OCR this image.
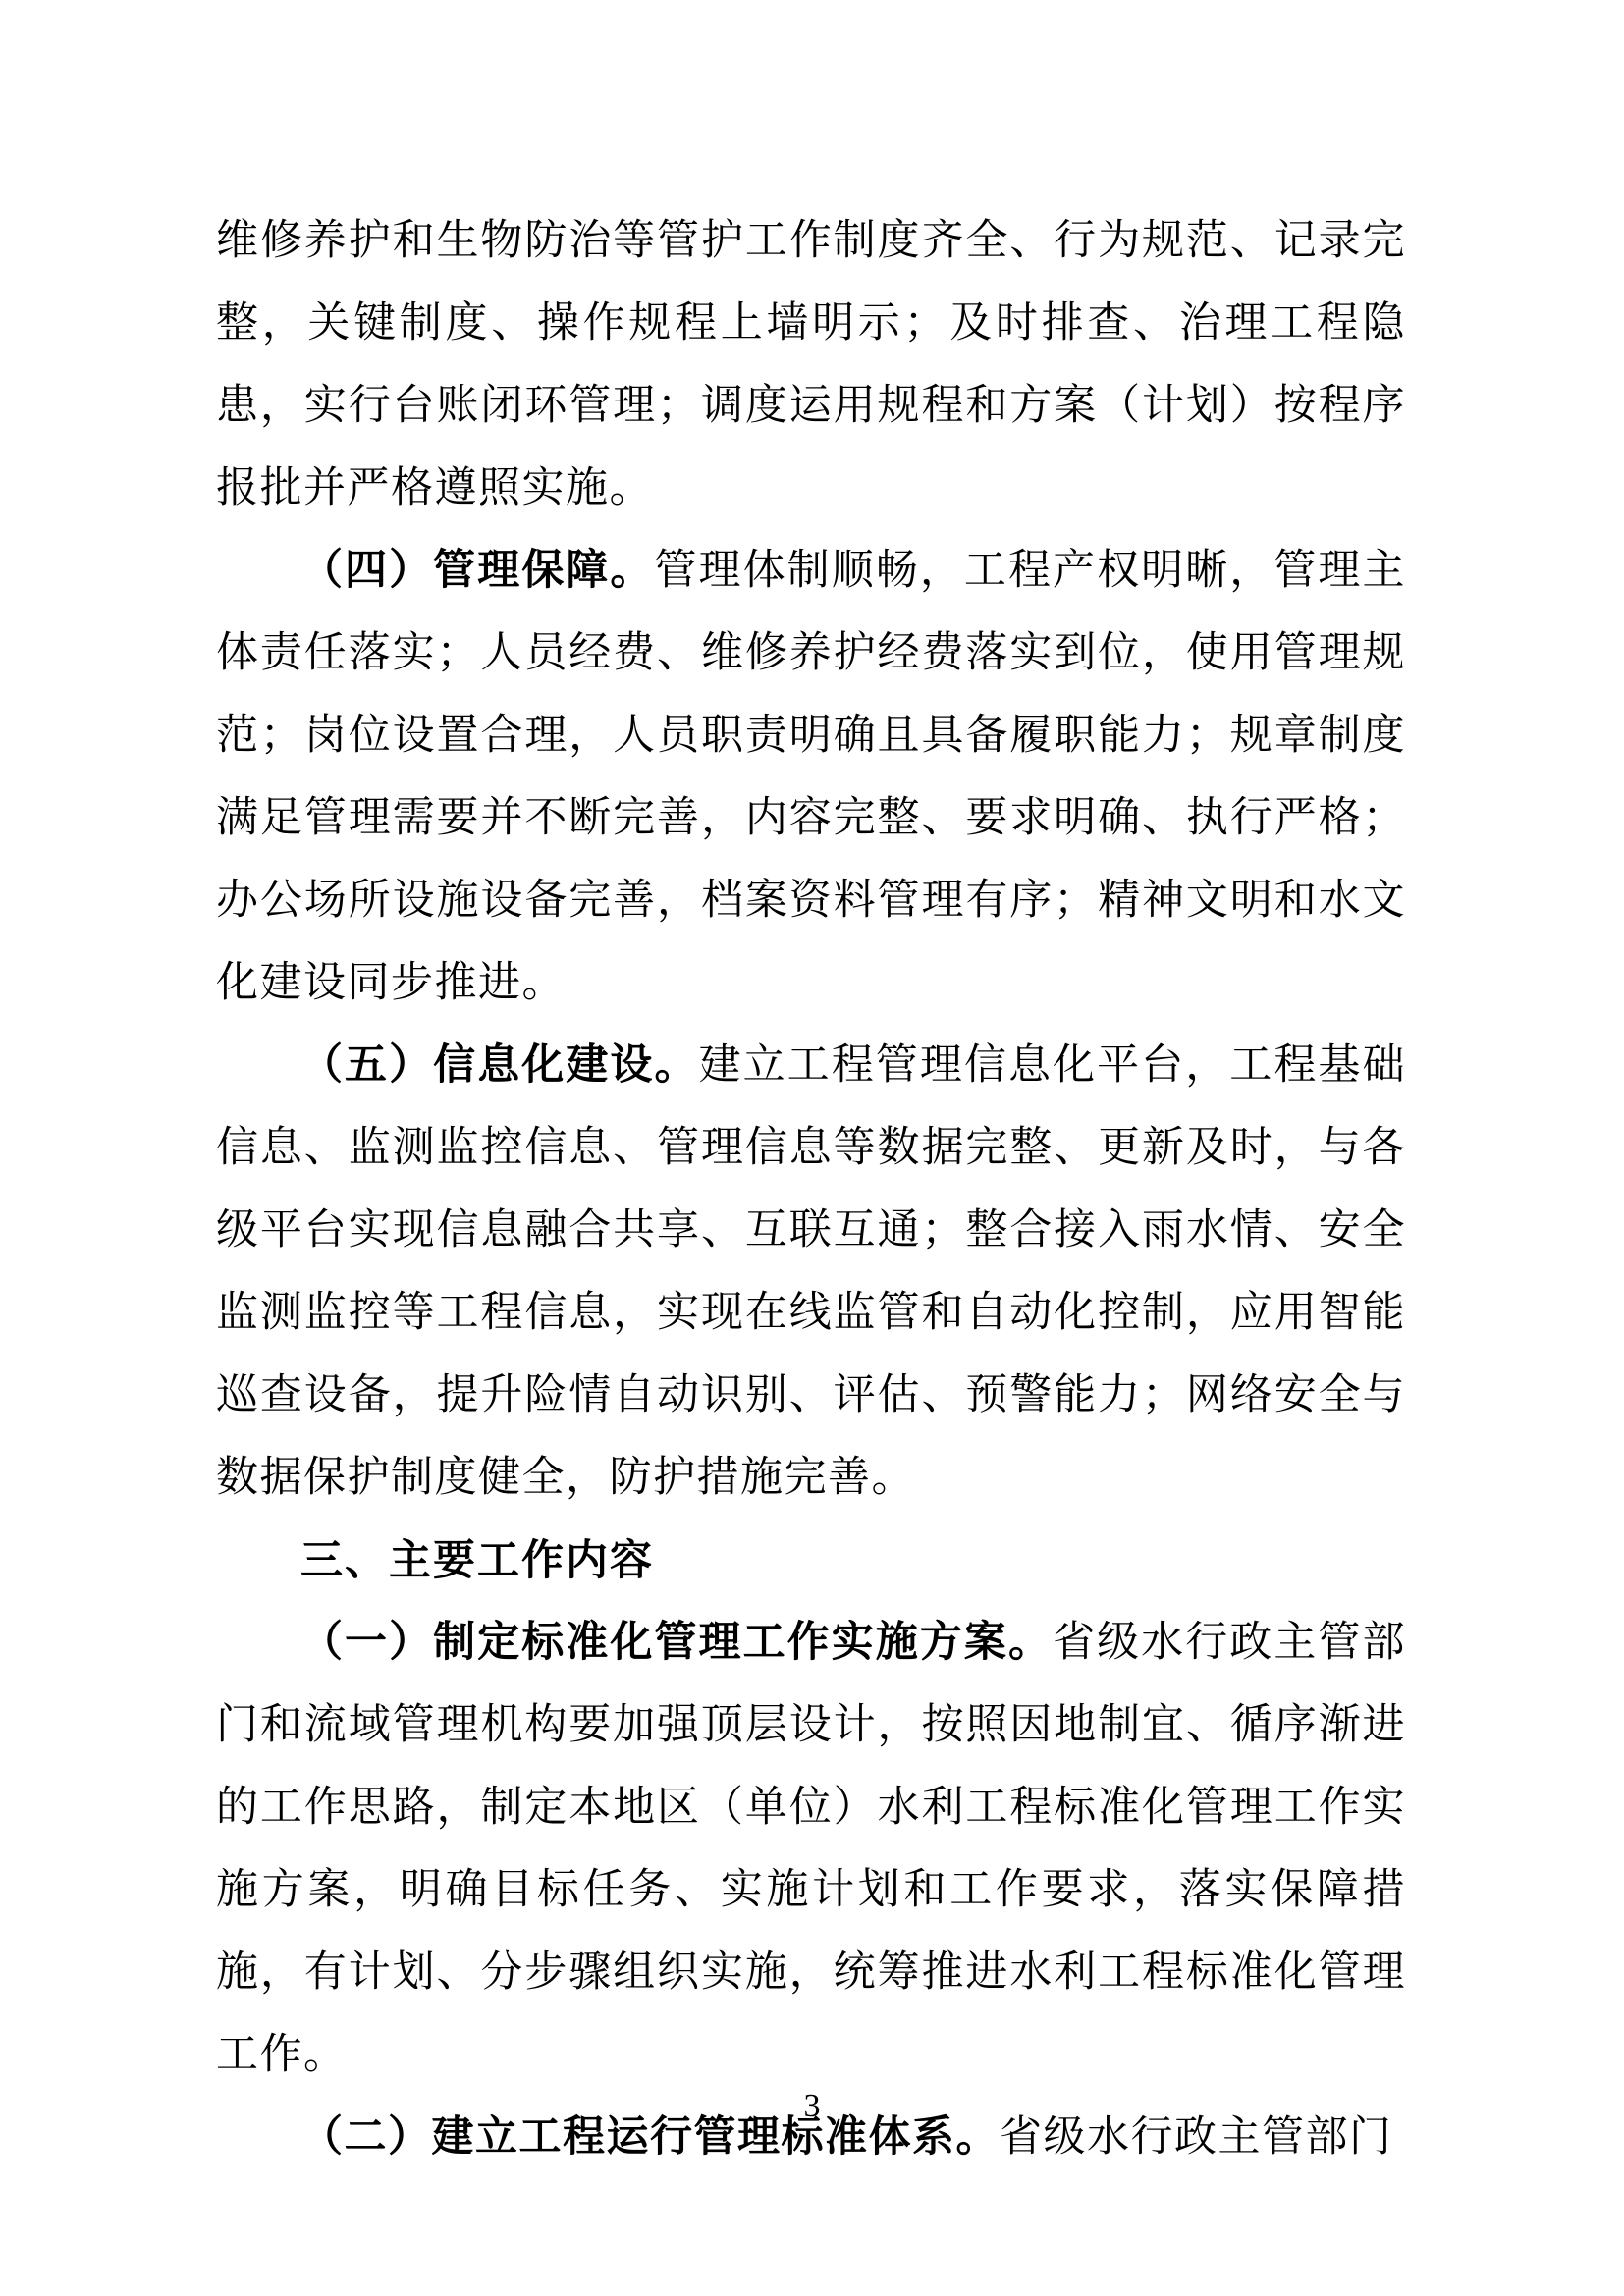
维修养护和生物防治等管护工作制度齐全、行为规范、记录完整，关键制度、操作规程上墙明示；及时排查、治理工程隐患，实行台账闭环管理；调度运用规程和方案（计划）按程序报批并严格遵照实施。

（四）管理保障。管理体制顺畅，工程产权明晰，管理主体责任落实；人员经费、维修养护经费落实到位，使用管理规范；岗位设置合理，人员职责明确且具备履职能力；规章制度满足管理需要并不断完善，内容完整、要求明确、执行严格；办公场所设施设备完善，档案资料管理有序；精神文明和水文化建设同步推进。

（五）信息化建设。建立工程管理信息化平台，工程基础信息、监测监控信息、管理信息等数据完整、更新及时，与各级平台实现信息融合共享、互联互通；整合接入雨水情、安全监测监控等工程信息，实现在线监管和自动化控制，应用智能巡查设备，提升险情自动识别、评估、预警能力；网络安全与数据保护制度健全，防护措施完善。

三、主要工作内容

（一）制定标准化管理工作实施方案。省级水行政主管部门和流域管理机构要加强顶层设计，按照因地制宜、循序渐进的工作思路，制定本地区（单位）水利工程标准化管理工作实施方案，明确目标任务、实施计划和工作要求，落实保障措施，有计划、分步骤组织实施，统筹推进水利工程标准化管理工作。

（二）建立工程运行管理标准体系。省级水行政主管部门

3
